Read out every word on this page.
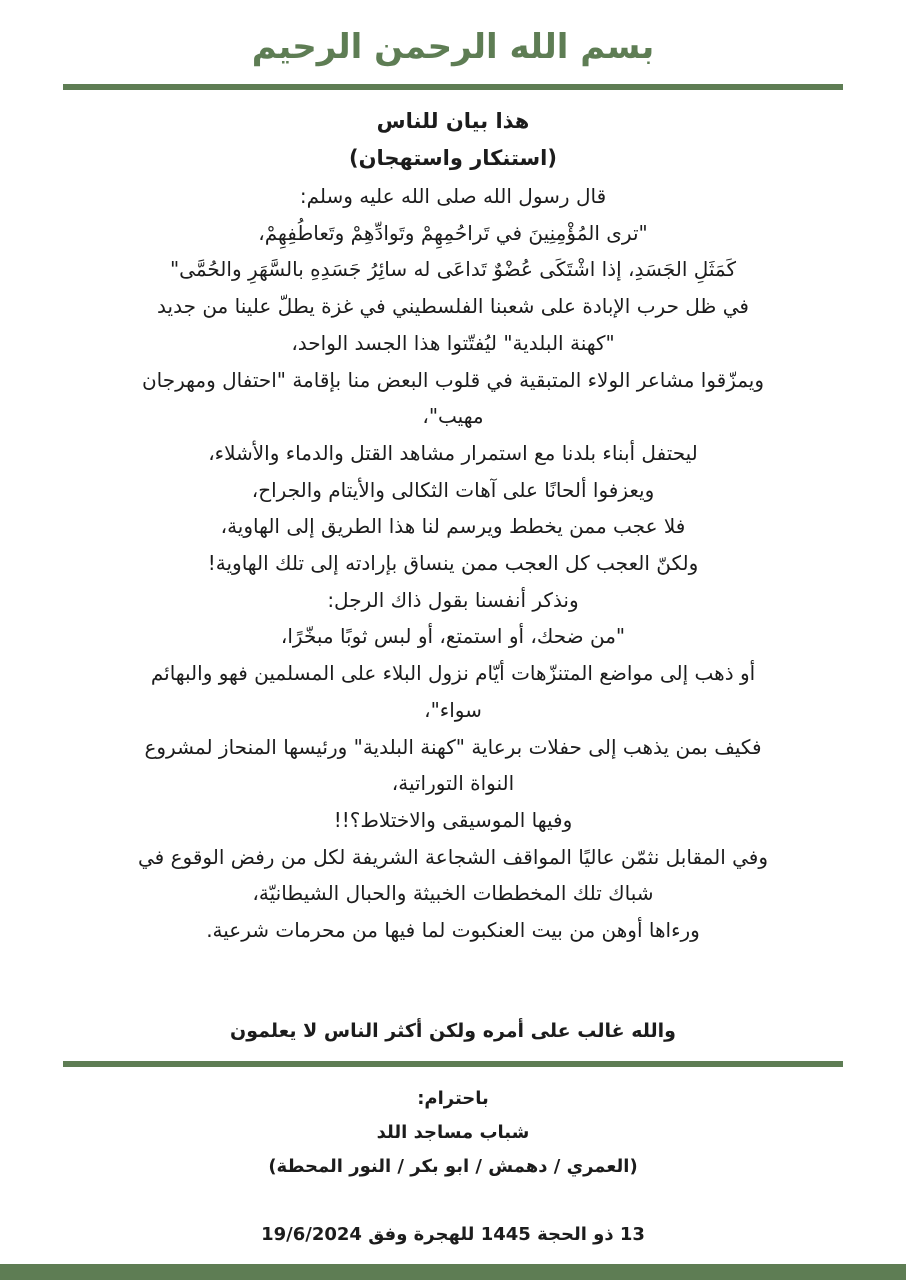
بسم الله الرحمن الرحيم
هذا بيان للناس
(استنكار واستهجان)
قال رسول الله صلى الله عليه وسلم:
"ترى المُؤْمِنِينَ في تَراحُمِهِمْ وتَوادِّهِمْ وتَعاطُفِهِمْ،
كَمَثَلِ الجَسَدِ، إذا اشْتَكَى عُضْوٌ تَداعَى له سائِرُ جَسَدِهِ بالسَّهَرِ والحُمَّى"
في ظل حرب الإبادة على شعبنا الفلسطيني في غزة يطلّ علينا من جديد
"كهنة البلدية" ليُفتّتوا هذا الجسد الواحد،
ويمزّقوا مشاعر الولاء المتبقية في قلوب البعض منا بإقامة "احتفال ومهرجان
مهيب"،
ليحتفل أبناء بلدنا مع استمرار مشاهد القتل والدماء والأشلاء،
ويعزفوا ألحانًا على آهات الثكالى والأيتام والجراح،
فلا عجب ممن يخطط ويرسم لنا هذا الطريق إلى الهاوية،
ولكنّ العجب كل العجب ممن ينساق بإرادته إلى تلك الهاوية!
ونذكر أنفسنا بقول ذاك الرجل:
"من ضحك، أو استمتع، أو لبس ثوبًا مبخّرًا،
أو ذهب إلى مواضع المتنزّهات أيّام نزول البلاء على المسلمين فهو والبهائم
سواء"،
فكيف بمن يذهب إلى حفلات برعاية "كهنة البلدية" ورئيسها المنحاز لمشروع
النواة التوراتية،
وفيها الموسيقى والاختلاط؟!!
وفي المقابل نثمّن عاليًا المواقف الشجاعة الشريفة لكل من رفض الوقوع في
شباك تلك المخططات الخبيثة والحبال الشيطانيّة،
ورءاها أوهن من بيت العنكبوت لما فيها من محرمات شرعية.
والله غالب على أمره ولكن أكثر الناس لا يعلمون
باحترام:
شباب مساجد اللد
(العمري / دهمش / ابو بكر / النور المحطة)
13 ذو الحجة 1445 للهجرة وفق 19/6/2024
